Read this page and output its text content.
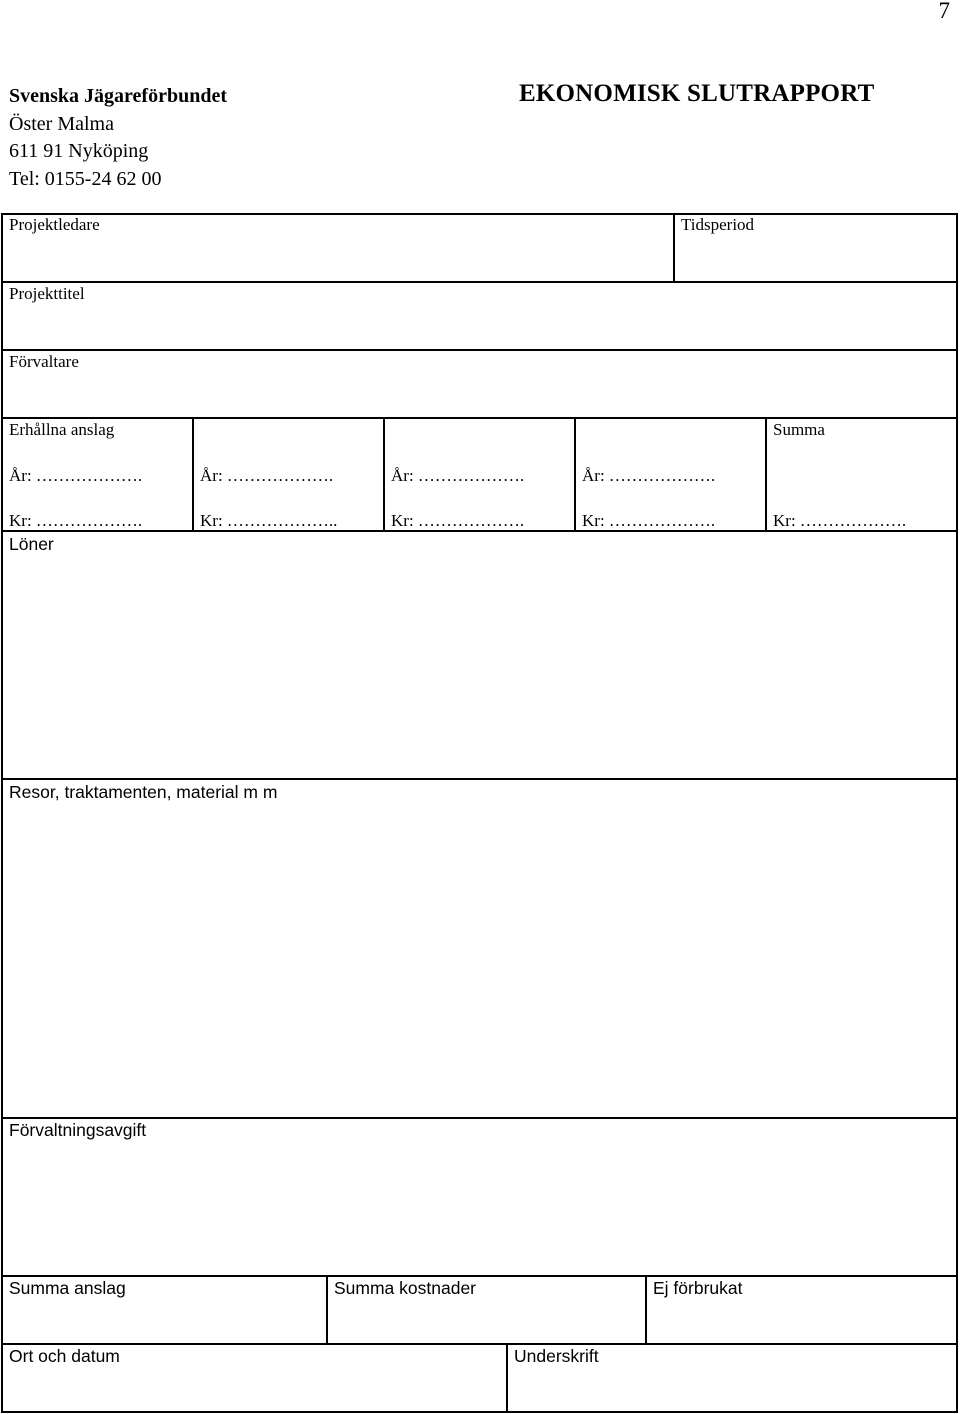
7
Svenska Jägareförbundet
Öster Malma
611 91 Nyköping
Tel: 0155-24 62 00
EKONOMISK SLUTRAPPORT
Projektledare	Tidsperiod
Projekttitel
Förvaltare
Erhållna anslag	Summa
År: ……………….	År: ……………….	År: ……………….	År: ……………….
Kr: ……………….	Kr: ………………..	Kr: ……………….	Kr: ……………….	Kr: ……………….
Löner
Resor, traktamenten, material m m
Förvaltningsavgift
Summa anslag	Summa kostnader	Ej förbrukat
Ort och datum	Underskrift
